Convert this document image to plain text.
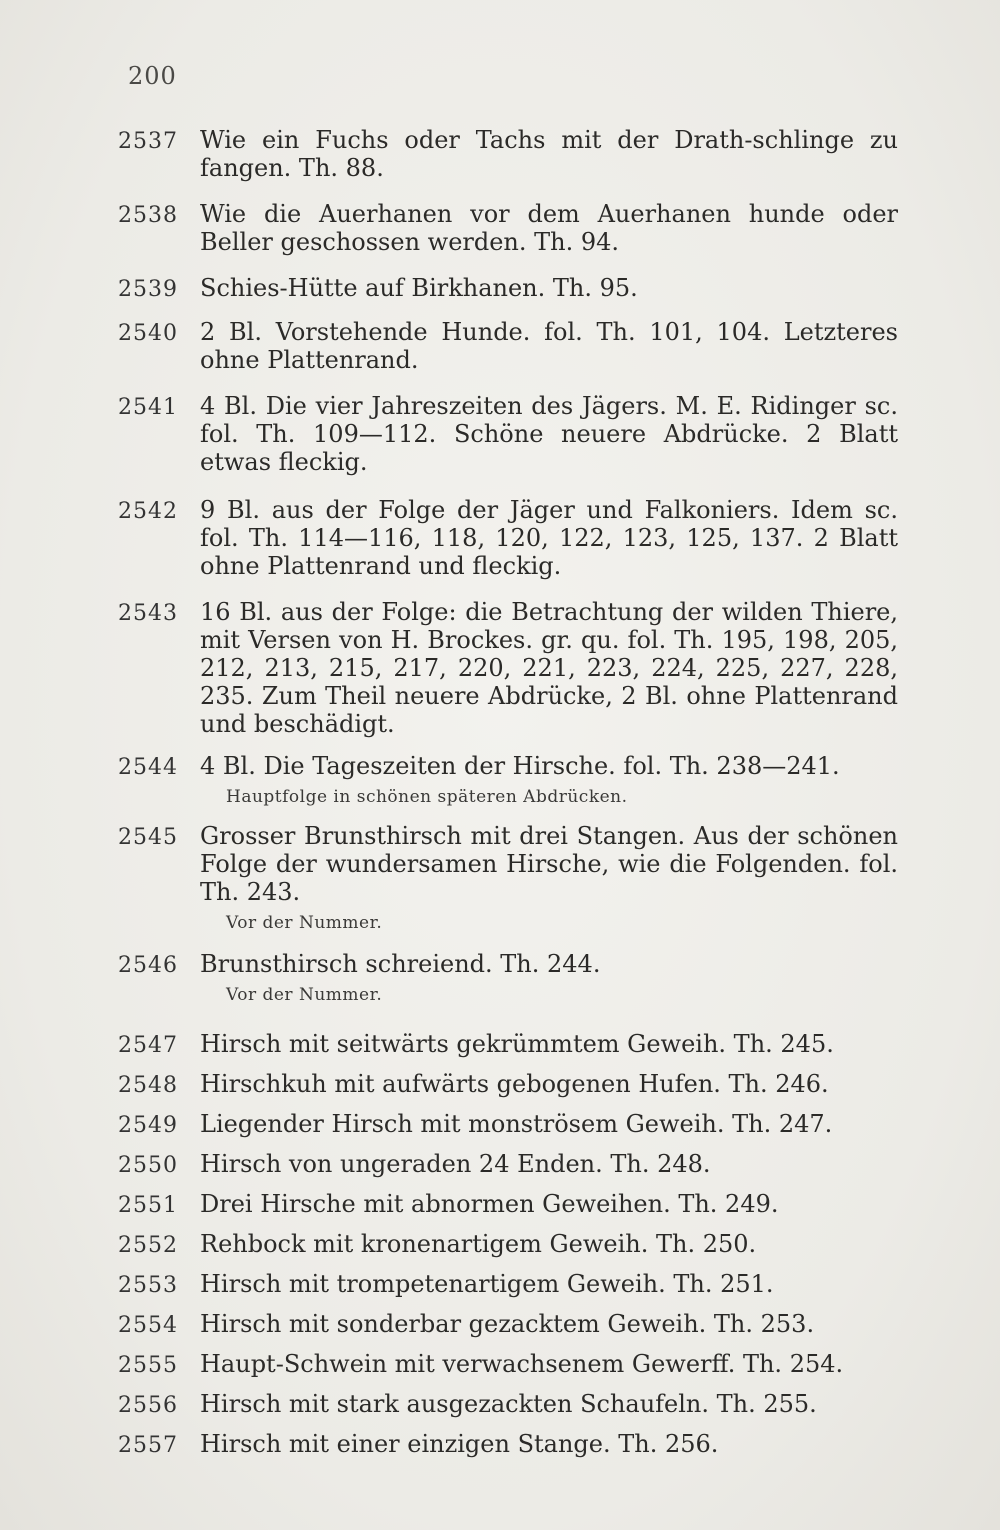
200
2537 Wie ein Fuchs oder Tachs mit der Drath-schlinge zu fangen. Th. 88.
2538 Wie die Auerhanen vor dem Auerhanen hunde oder Beller geschossen werden. Th. 94.
2539 Schies-Hütte auf Birkhanen. Th. 95.
2540 2 Bl. Vorstehende Hunde. fol. Th. 101, 104. Letzteres ohne Plattenrand.
2541 4 Bl. Die vier Jahreszeiten des Jägers. M. E. Ridinger sc. fol. Th. 109—112. Schöne neuere Abdrücke. 2 Blatt etwas fleckig.
2542 9 Bl. aus der Folge der Jäger und Falkoniers. Idem sc. fol. Th. 114—116, 118, 120, 122, 123, 125, 137. 2 Blatt ohne Plattenrand und fleckig.
2543 16 Bl. aus der Folge: die Betrachtung der wilden Thiere, mit Versen von H. Brockes. gr. qu. fol. Th. 195, 198, 205, 212, 213, 215, 217, 220, 221, 223, 224, 225, 227, 228, 235. Zum Theil neuere Abdrücke, 2 Bl. ohne Plattenrand und beschädigt.
2544 4 Bl. Die Tageszeiten der Hirsche. fol. Th. 238—241.
Hauptfolge in schönen späteren Abdrücken.
2545 Grosser Brunsthirsch mit drei Stangen. Aus der schönen Folge der wundersamen Hirsche, wie die Folgenden. fol. Th. 243.
Vor der Nummer.
2546 Brunsthirsch schreiend. Th. 244.
Vor der Nummer.
2547 Hirsch mit seitwärts gekrümmtem Geweih. Th. 245.
2548 Hirschkuh mit aufwärts gebogenen Hufen. Th. 246.
2549 Liegender Hirsch mit monströsem Geweih. Th. 247.
2550 Hirsch von ungeraden 24 Enden. Th. 248.
2551 Drei Hirsche mit abnormen Geweihen. Th. 249.
2552 Rehbock mit kronenartigem Geweih. Th. 250.
2553 Hirsch mit trompetenartigem Geweih. Th. 251.
2554 Hirsch mit sonderbar gezacktem Geweih. Th. 253.
2555 Haupt-Schwein mit verwachsenem Gewerff. Th. 254.
2556 Hirsch mit stark ausgezackten Schaufeln. Th. 255.
2557 Hirsch mit einer einzigen Stange. Th. 256.
